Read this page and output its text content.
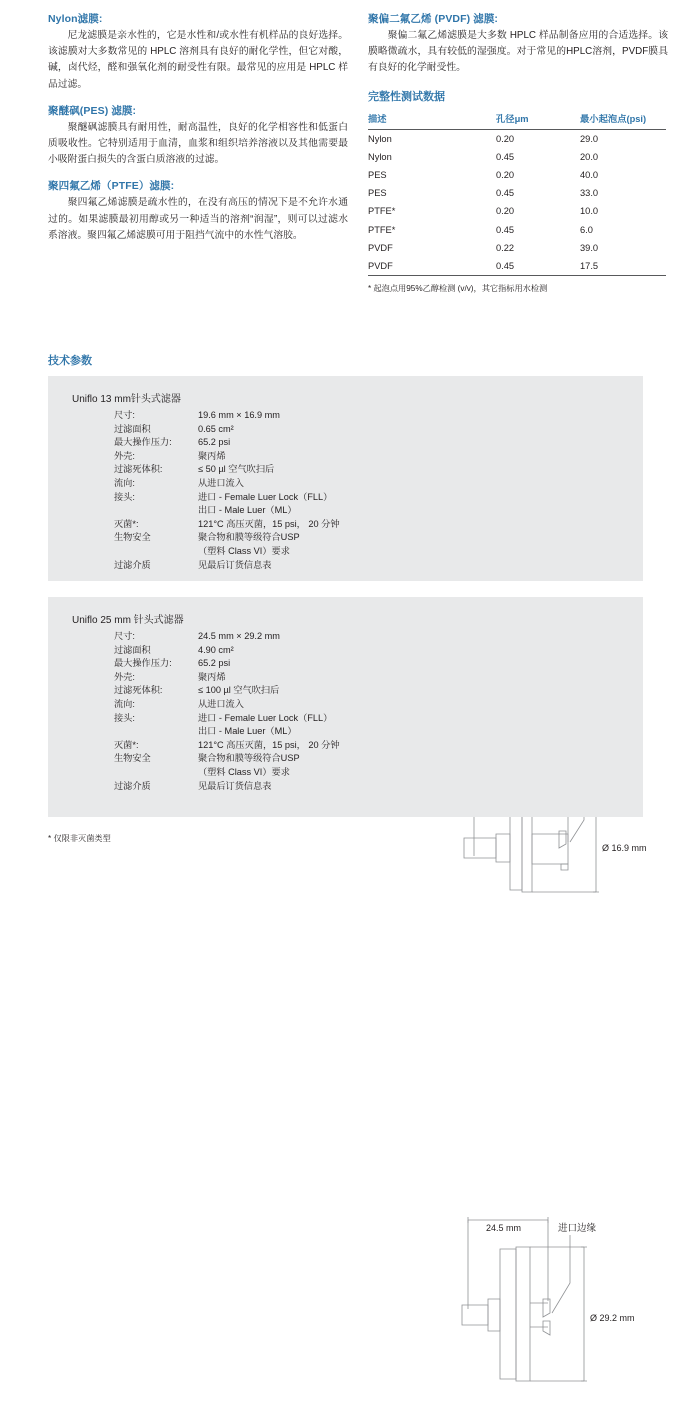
Nylon滤膜:

尼龙滤膜是亲水性的，它是水性和/或水性有机样品的良好选择。该滤膜对大多数常见的 HPLC 溶剂具有良好的耐化学性，但它对酸，碱，卤代烃，醛和强氧化剂的耐受性有限。最常见的应用是 HPLC 样品过滤。

聚醚砜(PES) 滤膜:

聚醚砜滤膜具有耐用性，耐高温性，良好的化学相容性和低蛋白质吸收性。它特别适用于血清，血浆和组织培养溶液以及其他需要最小吸附蛋白损失的含蛋白质溶液的过滤。

聚四氟乙烯（PTFE）滤膜:

聚四氟乙烯滤膜是疏水性的，在没有高压的情况下是不允许水通过的。如果滤膜最初用醇或另一种适当的溶剂“润湿”，则可以过滤水系溶液。聚四氟乙烯滤膜可用于阻挡气流中的水性气溶胶。

聚偏二氟乙烯 (PVDF) 滤膜:

聚偏二氟乙烯滤膜是大多数 HPLC 样品制备应用的合适选择。该膜略微疏水，具有较低的湿强度。对于常见的HPLC溶剂，PVDF膜具有良好的化学耐受性。

完整性测试数据
描述	孔径μm	最小起泡点(psi)
Nylon	0.20	29.0
Nylon	0.45	20.0
PES	0.20	40.0
PES	0.45	33.0
PTFE*	0.20	10.0
PTFE*	0.45	6.0
PVDF	0.22	39.0
PVDF	0.45	17.5
* 起泡点用95%乙醇检测 (v/v)，其它指标用水检测
技术参数
Uniflo 13 mm针头式滤器
尺寸:	19.6 mm × 16.9 mm
过滤面积	0.65 cm²
最大操作压力:	65.2 psi
外壳:	聚丙烯
过滤死体积:	≤ 50 µl 空气吹扫后
流向:	从进口流入
接头:	进口 - Female Luer Lock（FLL）
出口 - Male Luer（ML）
灭菌*:	121°C 高压灭菌，15 psi， 20 分钟
生物安全	聚合物和膜等级符合USP
（塑料 Class VI）要求
过滤介质	见最后订货信息表
Ø 16.9 mm
Uniflo 25 mm 针头式滤器
尺寸:	24.5 mm × 29.2 mm
过滤面积	4.90 cm²
最大操作压力:	65.2 psi
外壳:	聚丙烯
过滤死体积:	≤ 100 µl 空气吹扫后
流向:	从进口流入
接头:	进口 - Female Luer Lock（FLL）
出口 - Male Luer（ML）
灭菌*:	121°C 高压灭菌，15 psi， 20 分钟
生物安全	聚合物和膜等级符合USP
（塑料 Class VI）要求
过滤介质	见最后订货信息表
24.5 mm	进口边缘
Ø 29.2 mm
* 仅限非灭菌类型
